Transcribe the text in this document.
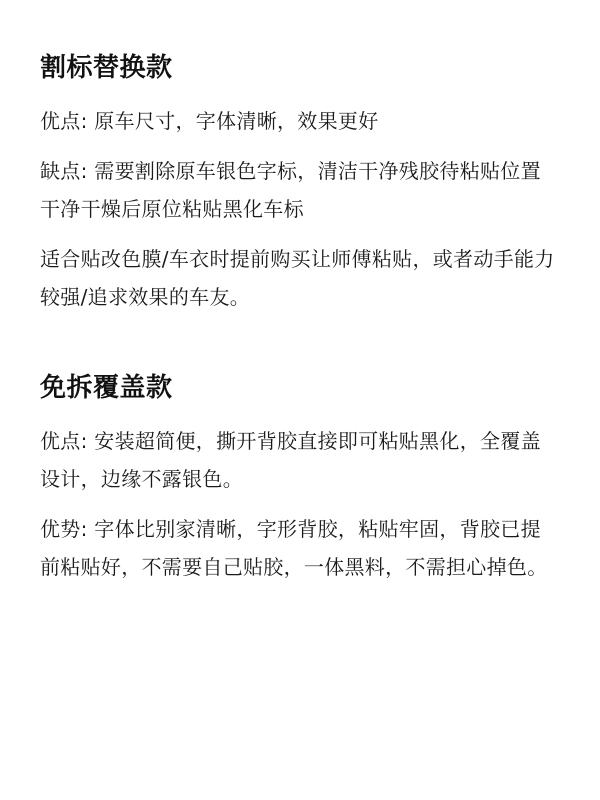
割标替换款

优点: 原车尺寸，字体清晰，效果更好

缺点: 需要割除原车银色字标，清洁干净残胶待粘贴位置干净干燥后原位粘贴黑化车标

适合贴改色膜/车衣时提前购买让师傅粘贴，或者动手能力较强/追求效果的车友。

免拆覆盖款

优点: 安装超简便，撕开背胶直接即可粘贴黑化，全覆盖设计，边缘不露银色。

优势: 字体比别家清晰，字形背胶，粘贴牢固，背胶已提前粘贴好，不需要自己贴胶，一体黑料，不需担心掉色。
